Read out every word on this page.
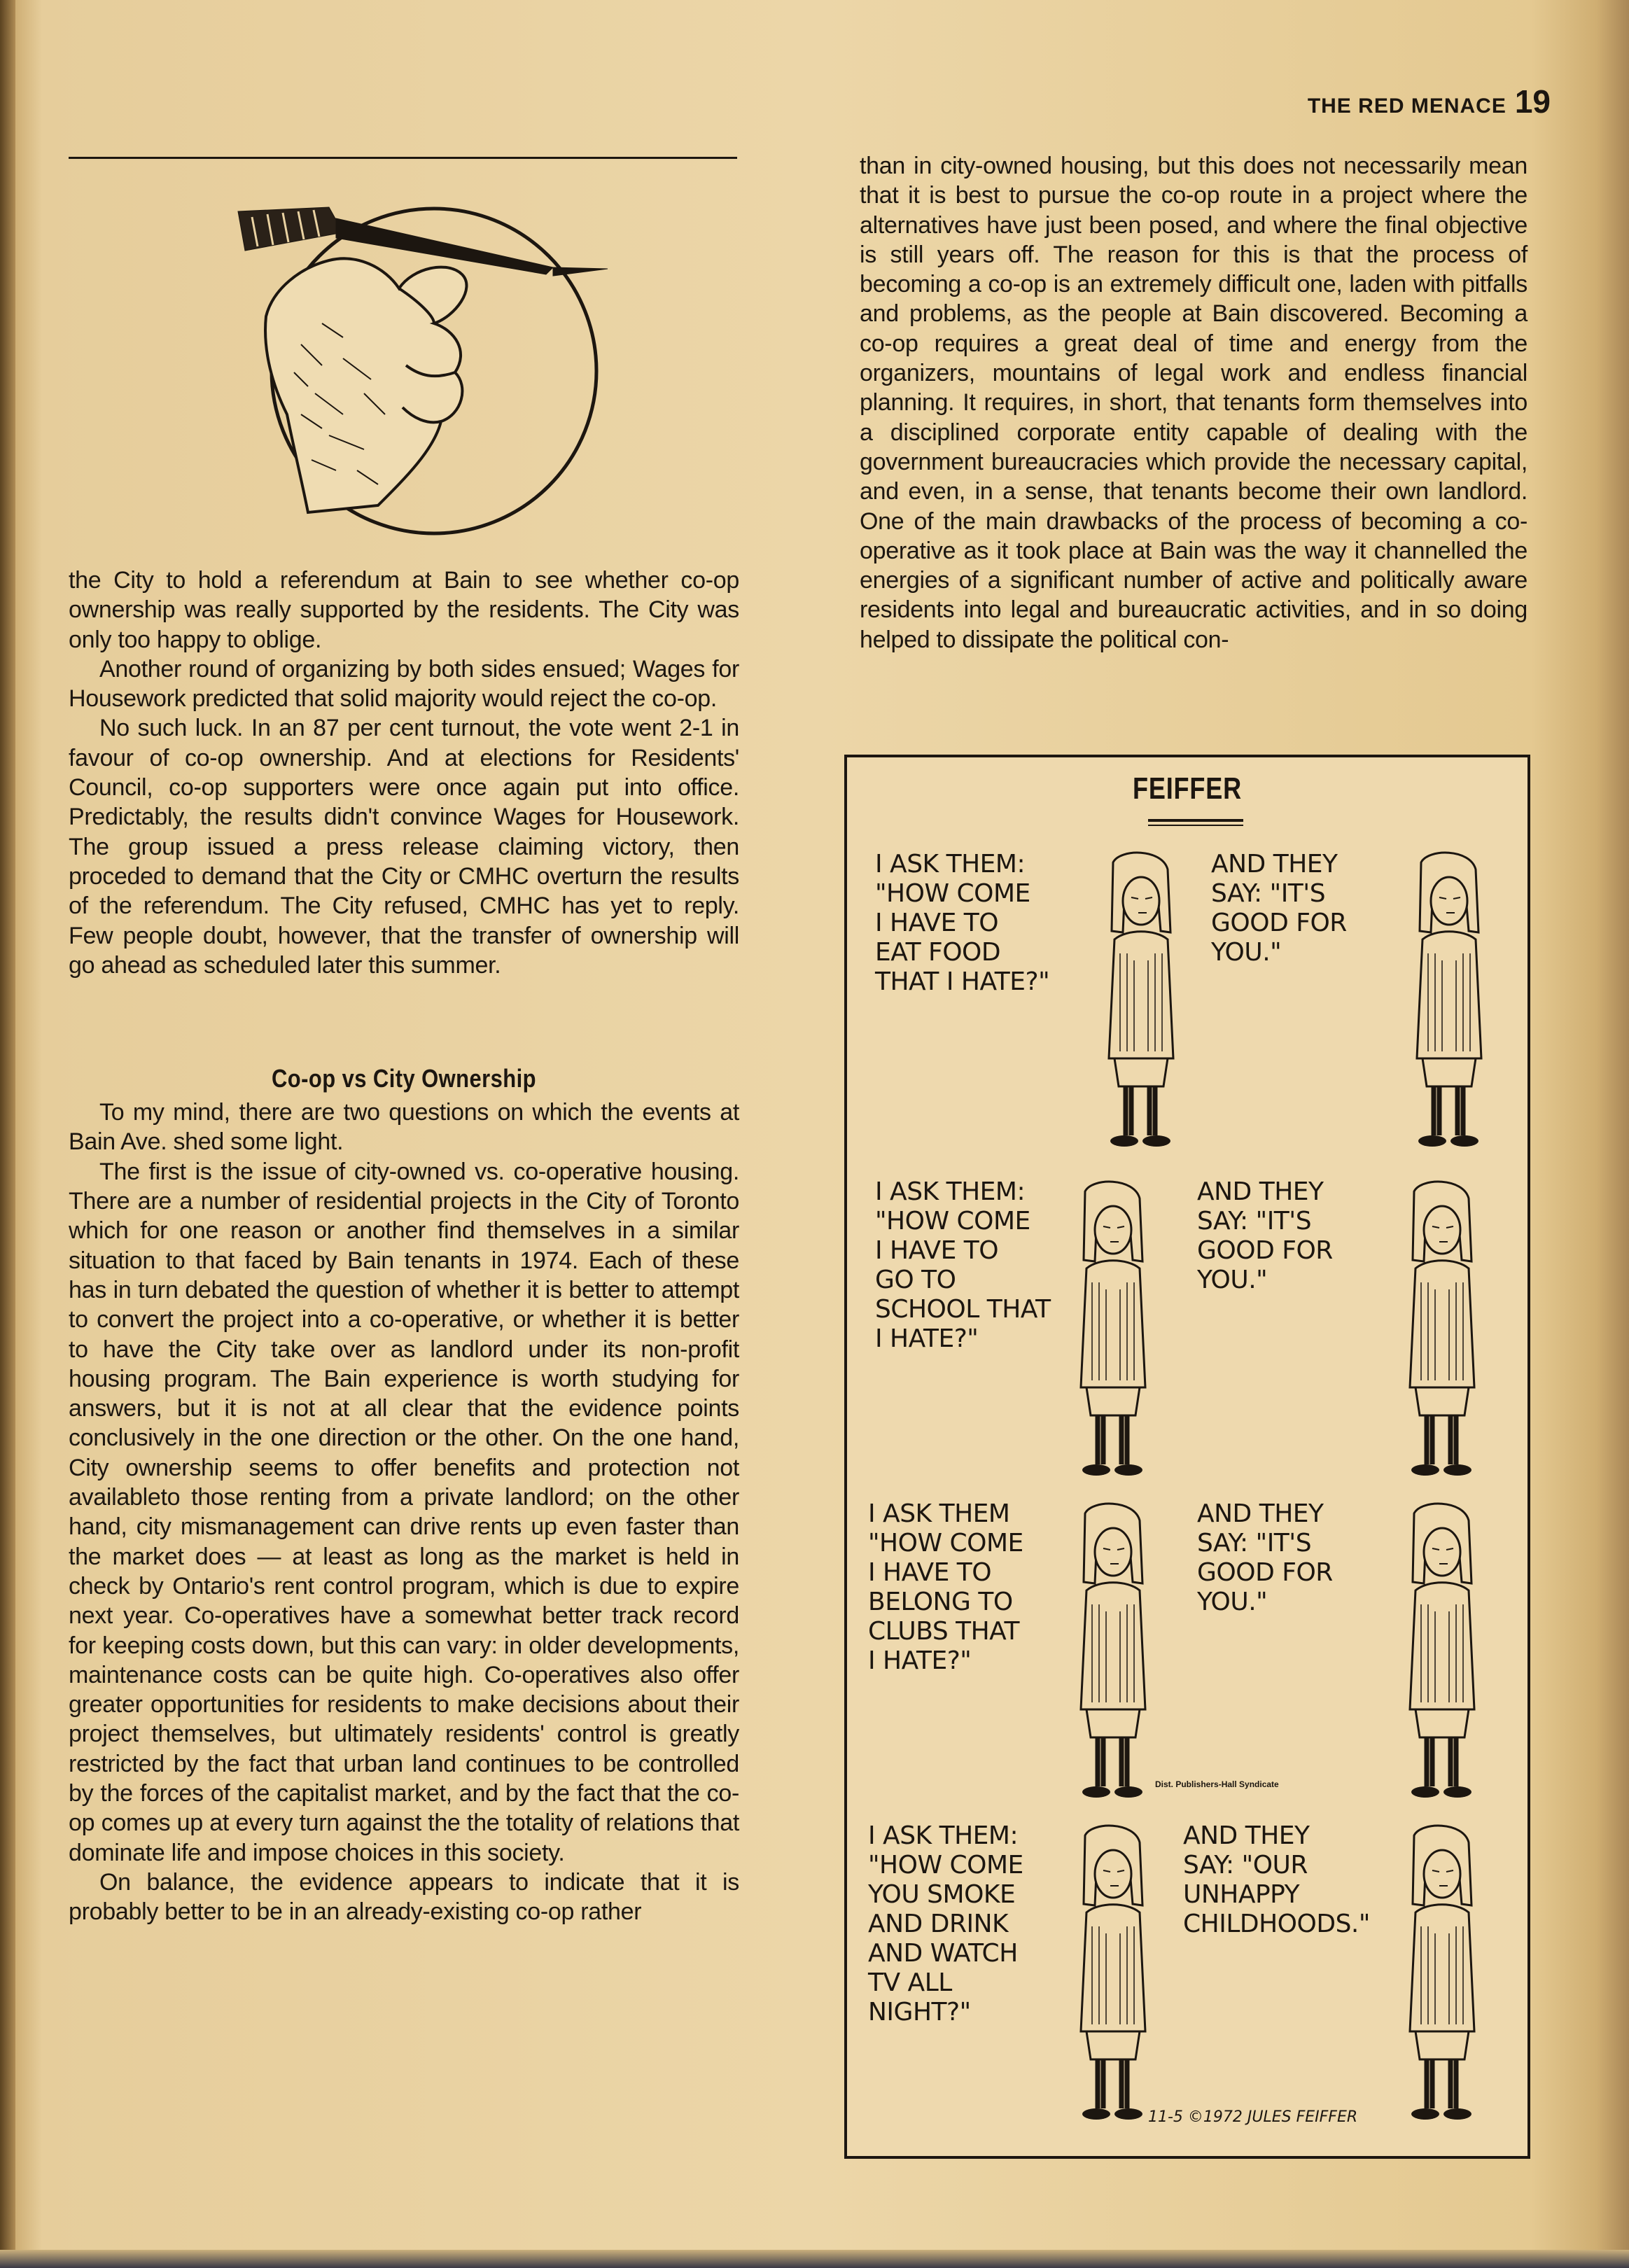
THE RED MENACE 19

the City to hold a referendum at Bain to see whether co-op ownership was really supported by the residents. The City was only too happy to oblige.

Another round of organizing by both sides ensued; Wages for Housework predicted that solid majority would reject the co-op.

No such luck. In an 87 per cent turnout, the vote went 2-1 in favour of co-op ownership. And at elections for Residents' Council, co-op supporters were once again put into office. Predictably, the results didn't convince Wages for Housework. The group issued a press release claiming victory, then proceded to demand that the City or CMHC overturn the results of the referendum. The City refused, CMHC has yet to reply. Few people doubt, however, that the transfer of ownership will go ahead as scheduled later this summer.

Co-op vs City Ownership

To my mind, there are two questions on which the events at Bain Ave. shed some light.

The first is the issue of city-owned vs. co-operative housing. There are a number of residential projects in the City of Toronto which for one reason or another find themselves in a similar situation to that faced by Bain tenants in 1974. Each of these has in turn debated the question of whether it is better to attempt to convert the project into a co-operative, or whether it is better to have the City take over as landlord under its non-profit housing program. The Bain experience is worth studying for answers, but it is not at all clear that the evidence points conclusively in the one direction or the other. On the one hand, City ownership seems to offer benefits and protection not availableto those renting from a private landlord; on the other hand, city mismanagement can drive rents up even faster than the market does — at least as long as the market is held in check by Ontario's rent control program, which is due to expire next year. Co-operatives have a somewhat better track record for keeping costs down, but this can vary: in older developments, maintenance costs can be quite high. Co-operatives also offer greater opportunities for residents to make decisions about their project themselves, but ultimately residents' control is greatly restricted by the fact that urban land continues to be controlled by the forces of the capitalist market, and by the fact that the co-op comes up at every turn against the the totality of relations that dominate life and impose choices in this society.

On balance, the evidence appears to indicate that it is probably better to be in an already-existing co-op rather

than in city-owned housing, but this does not necessarily mean that it is best to pursue the co-op route in a project where the alternatives have just been posed, and where the final objective is still years off. The reason for this is that the process of becoming a co-op is an extremely difficult one, laden with pitfalls and problems, as the people at Bain discovered. Becoming a co-op requires a great deal of time and energy from the organizers, mountains of legal work and endless financial planning. It requires, in short, that tenants form themselves into a disciplined corporate entity capable of dealing with the government bureaucracies which provide the necessary capital, and even, in a sense, that tenants become their own landlord. One of the main drawbacks of the process of becoming a co-operative as it took place at Bain was the way it channelled the energies of a significant number of active and politically aware residents into legal and bureaucratic activities, and in so doing helped to dissipate the political con-

FEIFFER
I ASK THEM:
"HOW COME
I HAVE TO
EAT FOOD
THAT I HATE?"
AND THEY
SAY: "IT'S
GOOD FOR
YOU."
I ASK THEM:
"HOW COME
I HAVE TO
GO TO
SCHOOL THAT
I HATE?"
AND THEY
SAY: "IT'S
GOOD FOR
YOU."
I ASK THEM
"HOW COME
I HAVE TO
BELONG TO
CLUBS THAT
I HATE?"
AND THEY
SAY: "IT'S
GOOD FOR
YOU."
I ASK THEM:
"HOW COME
YOU SMOKE
AND DRINK
AND WATCH
TV ALL
NIGHT?"
AND THEY
SAY: "OUR
UNHAPPY
CHILDHOODS."
Dist. Publishers-Hall Syndicate
11-5 ©1972 JULES FEIFFER
